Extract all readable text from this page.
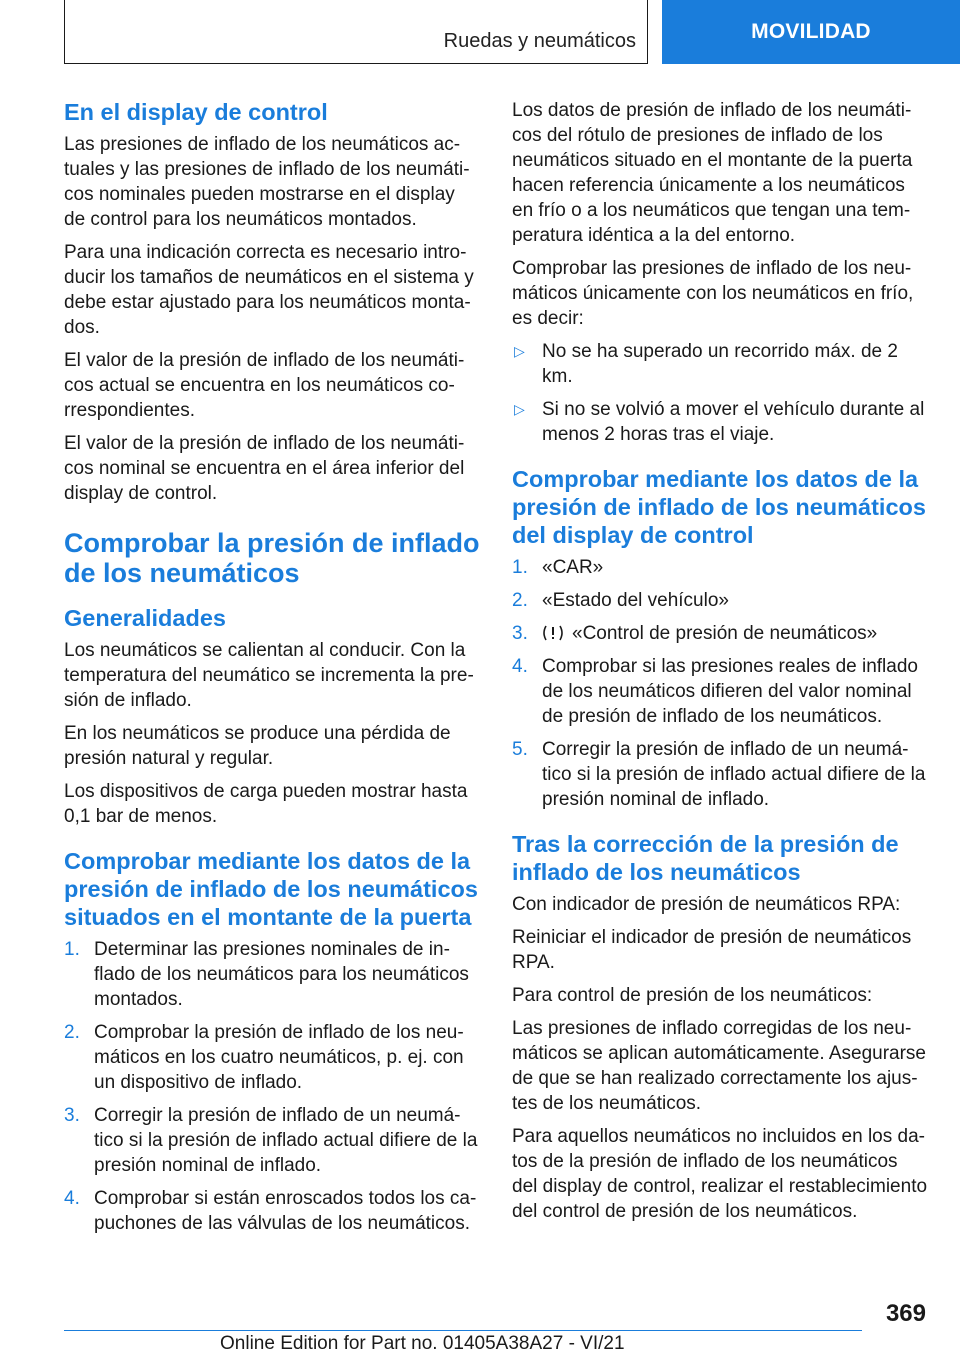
Ruedas y neumáticos	MOVILIDAD
En el display de control

Las presiones de inflado de los neumáticos actuales y las presiones de inflado de los neumáticos nominales pueden mostrarse en el display de control para los neumáticos montados.

Para una indicación correcta es necesario introducir los tamaños de neumáticos en el sistema y debe estar ajustado para los neumáticos montados.

El valor de la presión de inflado de los neumáticos actual se encuentra en los neumáticos correspondientes.

El valor de la presión de inflado de los neumáticos nominal se encuentra en el área inferior del display de control.

Comprobar la presión de inflado de los neumáticos
Generalidades

Los neumáticos se calientan al conducir. Con la temperatura del neumático se incrementa la presión de inflado.

En los neumáticos se produce una pérdida de presión natural y regular.

Los dispositivos de carga pueden mostrar hasta 0,1 bar de menos.

Comprobar mediante los datos de la presión de inflado de los neumáticos situados en el montante de la puerta
1. Determinar las presiones nominales de inflado de los neumáticos para los neumáticos montados.
2. Comprobar la presión de inflado de los neumáticos en los cuatro neumáticos, p. ej. con un dispositivo de inflado.
3. Corregir la presión de inflado de un neumático si la presión de inflado actual difiere de la presión nominal de inflado.
4. Comprobar si están enroscados todos los capuchones de las válvulas de los neumáticos.

Los datos de presión de inflado de los neumáticos del rótulo de presiones de inflado de los neumáticos situado en el montante de la puerta hacen referencia únicamente a los neumáticos en frío o a los neumáticos que tengan una temperatura idéntica a la del entorno.

Comprobar las presiones de inflado de los neumáticos únicamente con los neumáticos en frío, es decir:

▷ No se ha superado un recorrido máx. de 2 km.
▷ Si no se volvió a mover el vehículo durante al menos 2 horas tras el viaje.
Comprobar mediante los datos de la presión de inflado de los neumáticos del display de control
1. «CAR»
2. «Estado del vehículo»
3. «Control de presión de neumáticos»
4. Comprobar si las presiones reales de inflado de los neumáticos difieren del valor nominal de presión de inflado de los neumáticos.
5. Corregir la presión de inflado de un neumático si la presión de inflado actual difiere de la presión nominal de inflado.
Tras la corrección de la presión de inflado de los neumáticos

Con indicador de presión de neumáticos RPA:

Reiniciar el indicador de presión de neumáticos RPA.

Para control de presión de los neumáticos:

Las presiones de inflado corregidas de los neumáticos se aplican automáticamente. Asegurarse de que se han realizado correctamente los ajustes de los neumáticos.

Para aquellos neumáticos no incluidos en los datos de la presión de inflado de los neumáticos del display de control, realizar el restablecimiento del control de presión de los neumáticos.

369
Online Edition for Part no. 01405A38A27 - VI/21
